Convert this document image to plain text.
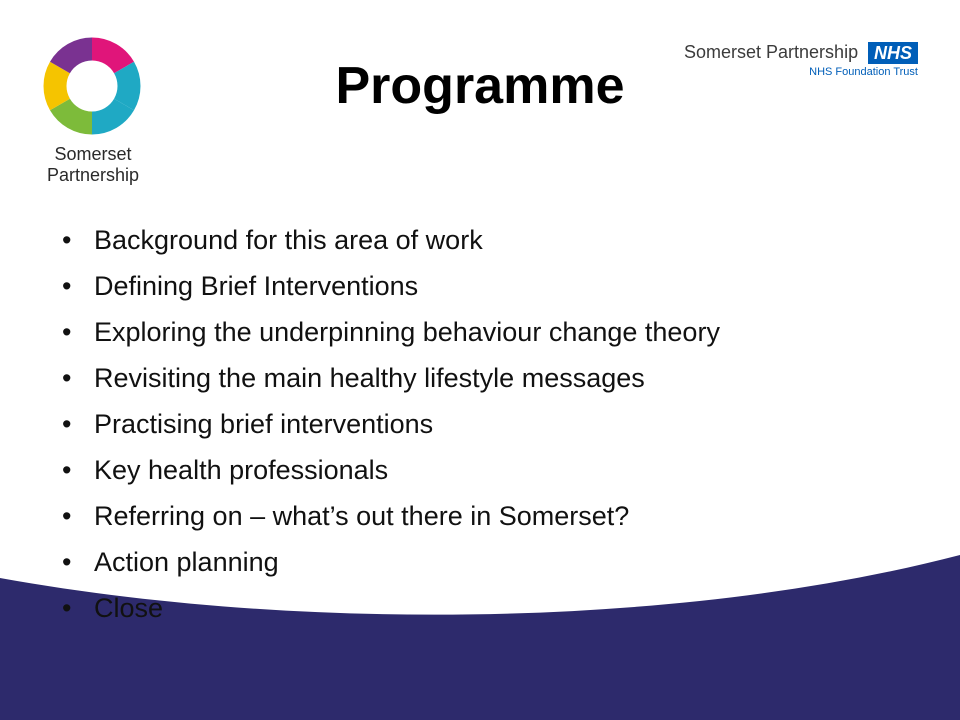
Somerset
Partnership
Somerset Partnership NHS
NHS Foundation Trust
Programme
• Background for this area of work
• Defining Brief Interventions
• Exploring the underpinning behaviour change theory
• Revisiting the main healthy lifestyle messages
• Practising brief interventions
• Key health professionals
• Referring on – what’s out there in Somerset?
• Action planning
• Close
